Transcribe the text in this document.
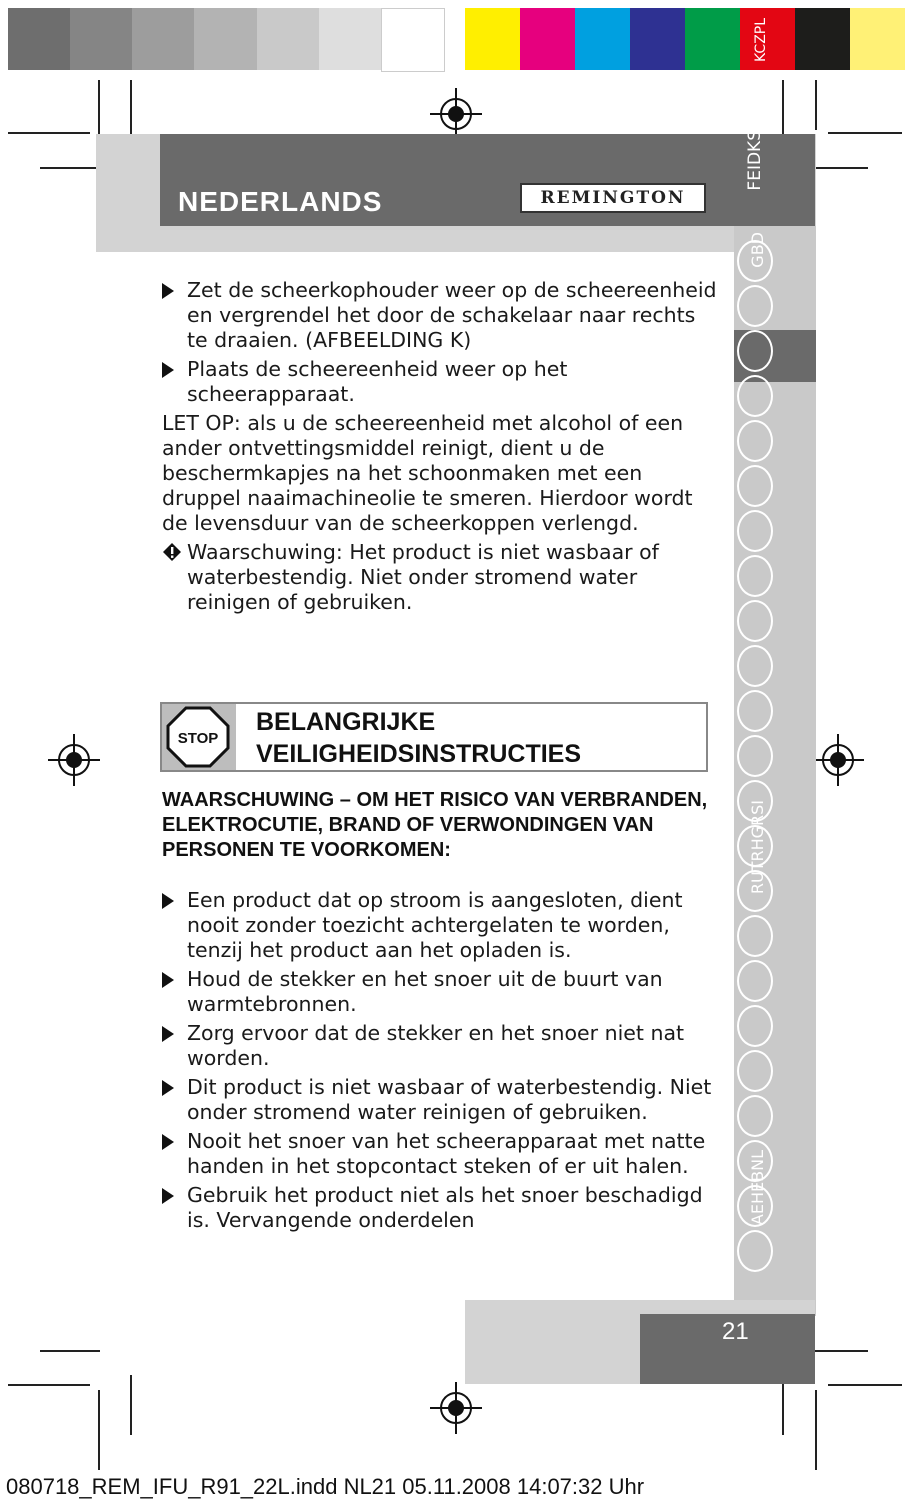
KCZPL
NEDERLANDS	REMINGTON
FEIDKS
GBD
RUTRHGRSI
AEHEBNL
Zet de scheerkophouder weer op de scheereenheid en vergrendel het door de schakelaar naar rechts te draaien. (AFBEELDING K)
Plaats de scheereenheid weer op het scheerapparaat.

LET OP: als u de scheereenheid met alcohol of een ander ontvettingsmiddel reinigt, dient u de beschermkapjes na het schoonmaken met een druppel naaimachineolie te smeren. Hierdoor wordt de levensduur van de scheerkoppen verlengd.

Waarschuwing: Het product is niet wasbaar of waterbestendig. Niet onder stromend water reinigen of gebruiken.
STOP
BELANGRIJKE
VEILIGHEIDSINSTRUCTIES
WAARSCHUWING – OM HET RISICO VAN VERBRANDEN, ELEKTROCUTIE, BRAND OF VERWONDINGEN VAN PERSONEN TE VOORKOMEN:
Een product dat op stroom is aangesloten, dient nooit zonder toezicht achtergelaten te worden, tenzij het product aan het opladen is.
Houd de stekker en het snoer uit de buurt van warmtebronnen.
Zorg ervoor dat de stekker en het snoer niet nat worden.
Dit product is niet wasbaar of waterbestendig. Niet onder stromend water reinigen of gebruiken.
Nooit het snoer van het scheerapparaat met natte handen in het stopcontact steken of er uit halen.
Gebruik het product niet als het snoer beschadigd is. Vervangende onderdelen
21
080718_REM_IFU_R91_22L.indd NL21 05.11.2008 14:07:32 Uhr
